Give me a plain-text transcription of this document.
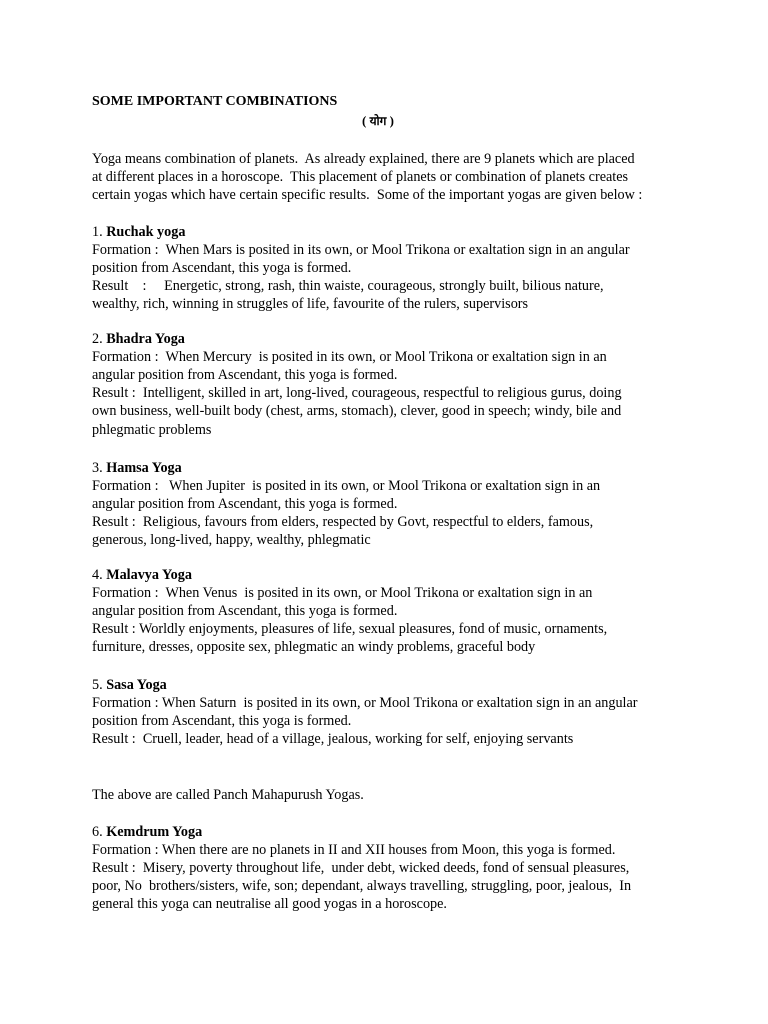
SOME IMPORTANT COMBINATIONS
( योग )
Yoga means combination of planets.  As already explained, there are 9 planets which are placed
at different places in a horoscope.  This placement of planets or combination of planets creates
certain yogas which have certain specific results.  Some of the important yogas are given below :
1. Ruchak yoga
Formation :  When Mars is posited in its own, or Mool Trikona or exaltation sign in an angular
position from Ascendant, this yoga is formed.
Result    :     Energetic, strong, rash, thin waiste, courageous, strongly built, bilious nature,
wealthy, rich, winning in struggles of life, favourite of the rulers, supervisors
2. Bhadra Yoga
Formation :  When Mercury  is posited in its own, or Mool Trikona or exaltation sign in an
angular position from Ascendant, this yoga is formed.
Result :  Intelligent, skilled in art, long-lived, courageous, respectful to religious gurus, doing
own business, well-built body (chest, arms, stomach), clever, good in speech; windy, bile and
phlegmatic problems
3. Hamsa Yoga
Formation :   When Jupiter  is posited in its own, or Mool Trikona or exaltation sign in an
angular position from Ascendant, this yoga is formed.
Result :  Religious, favours from elders, respected by Govt, respectful to elders, famous,
generous, long-lived, happy, wealthy, phlegmatic
4. Malavya Yoga
Formation :  When Venus  is posited in its own, or Mool Trikona or exaltation sign in an
angular position from Ascendant, this yoga is formed.
Result : Worldly enjoyments, pleasures of life, sexual pleasures, fond of music, ornaments,
furniture, dresses, opposite sex, phlegmatic an windy problems, graceful body
5. Sasa Yoga
Formation : When Saturn  is posited in its own, or Mool Trikona or exaltation sign in an angular
position from Ascendant, this yoga is formed.
Result :  Cruell, leader, head of a village, jealous, working for self, enjoying servants
The above are called Panch Mahapurush Yogas.
6. Kemdrum Yoga
Formation : When there are no planets in II and XII houses from Moon, this yoga is formed.
Result :  Misery, poverty throughout life,  under debt, wicked deeds, fond of sensual pleasures,
poor, No  brothers/sisters, wife, son; dependant, always travelling, struggling, poor, jealous,  In
general this yoga can neutralise all good yogas in a horoscope.
